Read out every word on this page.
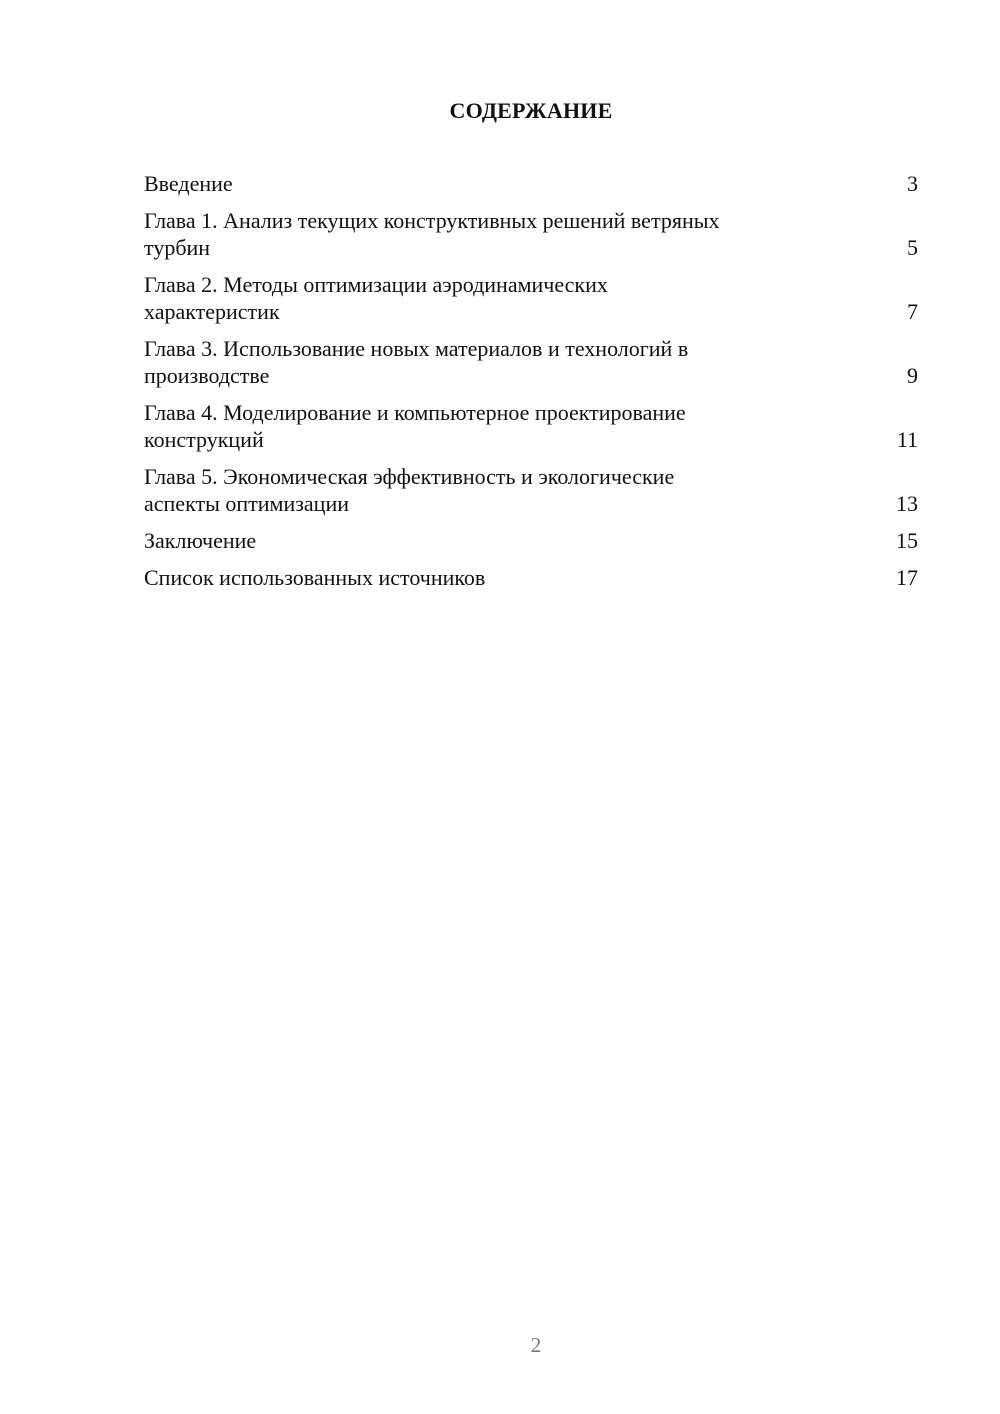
СОДЕРЖАНИЕ
Введение	3
Глава 1. Анализ текущих конструктивных решений ветряных
турбин	5
Глава 2. Методы оптимизации аэродинамических
характеристик	7
Глава 3. Использование новых материалов и технологий в
производстве	9
Глава 4. Моделирование и компьютерное проектирование
конструкций	11
Глава 5. Экономическая эффективность и экологические
аспекты оптимизации	13
Заключение	15
Список использованных источников	17
2
